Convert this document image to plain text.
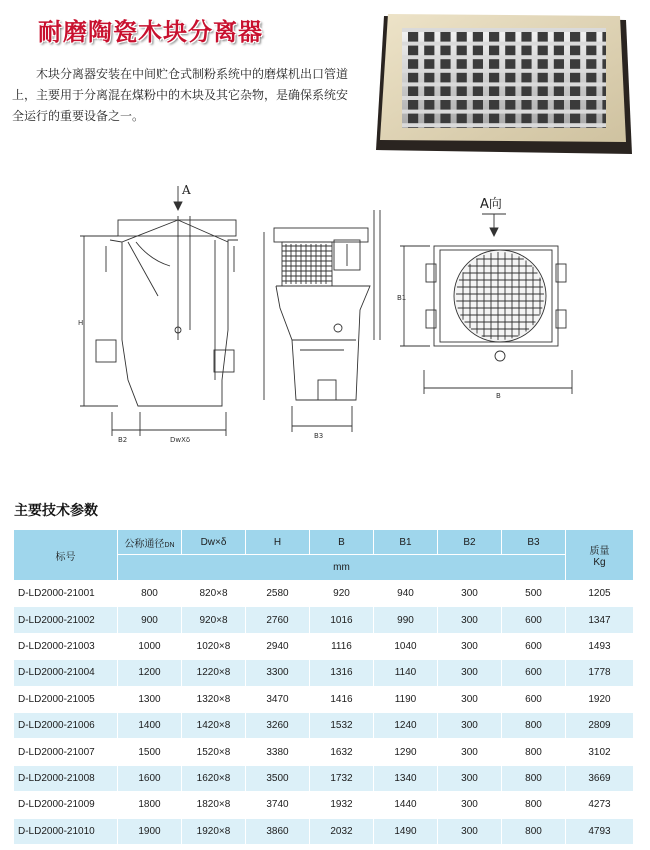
耐磨陶瓷木块分离器

木块分离器安装在中间贮仓式制粉系统中的磨煤机出口管道上，主要用于分离混在煤粉中的木块及其它杂物，是确保系统安全运行的重要设备之一。

A
A向
H
B2	DwXδ	B3
B1
B
主要技术参数
标号	公称通径DN	Dw×δ	H	B	B1	B2	B3	质量
Kg
	mm							
D-LD2000-21001	800	820×8	2580	920	940	300	500	1205
D-LD2000-21002	900	920×8	2760	1016	990	300	600	1347
D-LD2000-21003	1000	1020×8	2940	1116	1040	300	600	1493
D-LD2000-21004	1200	1220×8	3300	1316	1140	300	600	1778
D-LD2000-21005	1300	1320×8	3470	1416	1190	300	600	1920
D-LD2000-21006	1400	1420×8	3260	1532	1240	300	800	2809
D-LD2000-21007	1500	1520×8	3380	1632	1290	300	800	3102
D-LD2000-21008	1600	1620×8	3500	1732	1340	300	800	3669
D-LD2000-21009	1800	1820×8	3740	1932	1440	300	800	4273
D-LD2000-21010	1900	1920×8	3860	2032	1490	300	800	4793
